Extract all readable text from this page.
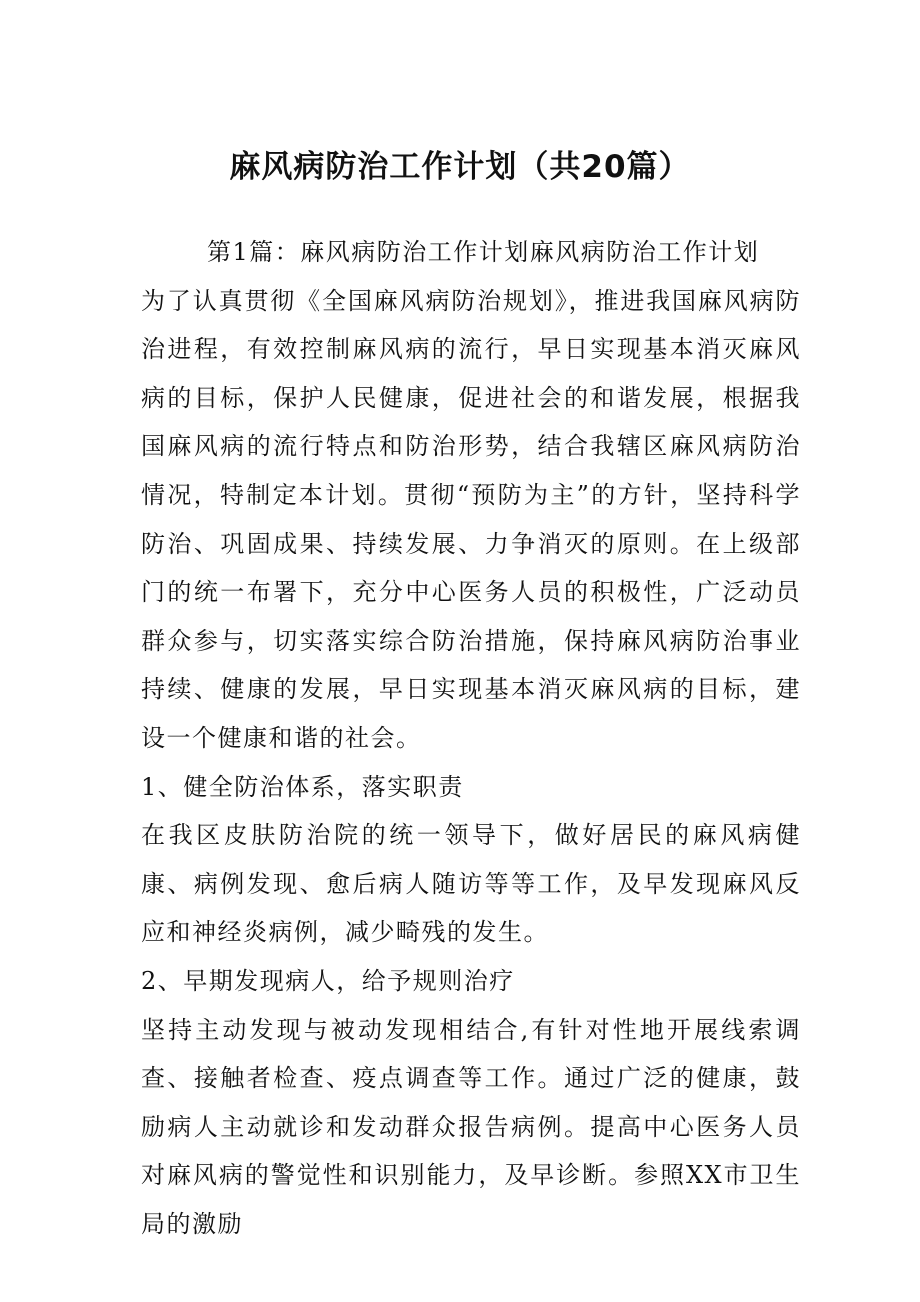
麻风病防治工作计划（共20篇）

第1篇：麻风病防治工作计划麻风病防治工作计划

为了认真贯彻《全国麻风病防治规划》，推进我国麻风病防治进程，有效控制麻风病的流行，早日实现基本消灭麻风病的目标，保护人民健康，促进社会的和谐发展，根据我国麻风病的流行特点和防治形势，结合我辖区麻风病防治情况，特制定本计划。贯彻“预防为主”的方针，坚持科学防治、巩固成果、持续发展、力争消灭的原则。在上级部门的统一布署下，充分中心医务人员的积极性，广泛动员群众参与，切实落实综合防治措施，保持麻风病防治事业持续、健康的发展，早日实现基本消灭麻风病的目标，建设一个健康和谐的社会。

1、健全防治体系，落实职责

在我区皮肤防治院的统一领导下，做好居民的麻风病健康、病例发现、愈后病人随访等等工作，及早发现麻风反应和神经炎病例，减少畸残的发生。

2、早期发现病人，给予规则治疗

坚持主动发现与被动发现相结合,有针对性地开展线索调查、接触者检查、疫点调查等工作。通过广泛的健康，鼓励病人主动就诊和发动群众报告病例。提高中心医务人员对麻风病的警觉性和识别能力，及早诊断。参照XX市卫生局的激励
